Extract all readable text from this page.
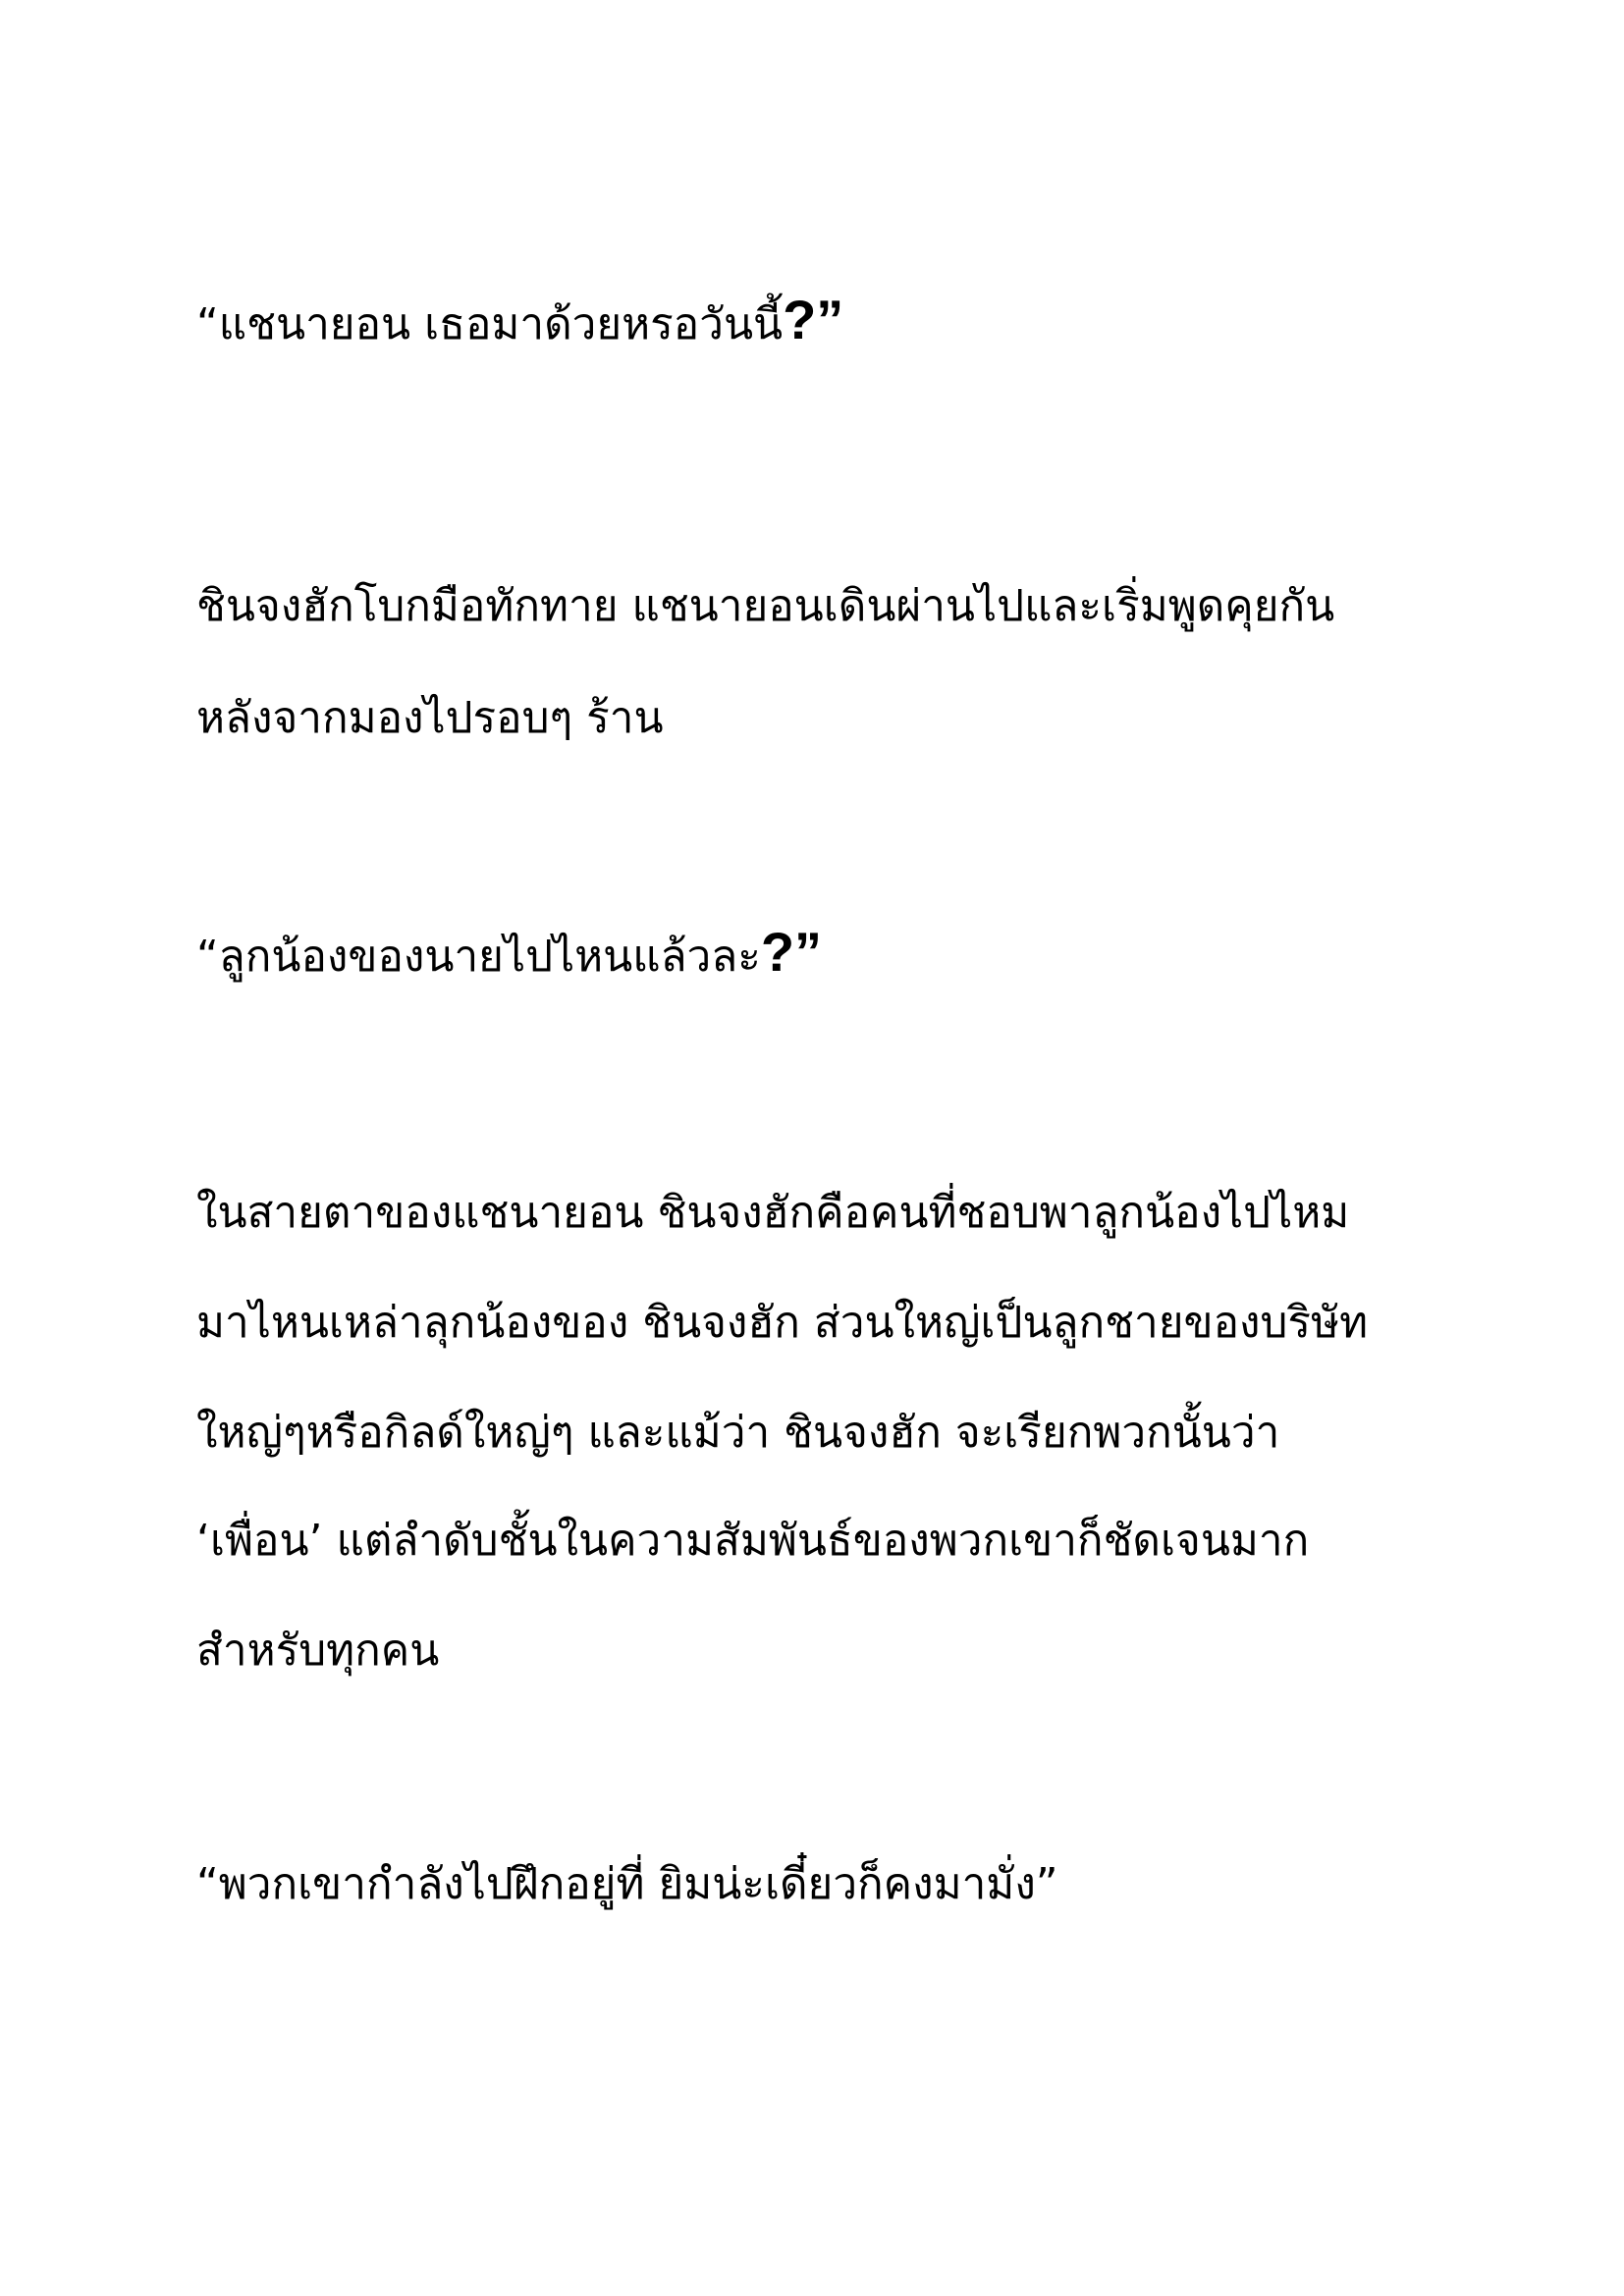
“แชนายอน เธอมาด้วยหรอวันนี้?”

ชินจงฮักโบกมือทักทาย แชนายอนเดินผ่านไปและเริ่มพูดคุยกัน

หลังจากมองไปรอบๆ ร้าน

“ลูกน้องของนายไปไหนแล้วละ?”

ในสายตาของแชนายอน ชินจงฮักคือคนที่ชอบพาลูกน้องไปไหม

มาไหนเหล่าลุกน้องของ ชินจงฮัก ส่วนใหญ่เป็นลูกชายของบริษัท

ใหญ่ๆหรือกิลด์ใหญ่ๆ และแม้ว่า ชินจงฮัก จะเรียกพวกนั้นว่า

‘เพื่อน’ แต่ลำดับชั้นในความสัมพันธ์ของพวกเขาก็ชัดเจนมาก

สำหรับทุกคน

“พวกเขากำลังไปฝึกอยู่ที่ ยิมน่ะเดี๋ยวก็คงมามั่ง”
